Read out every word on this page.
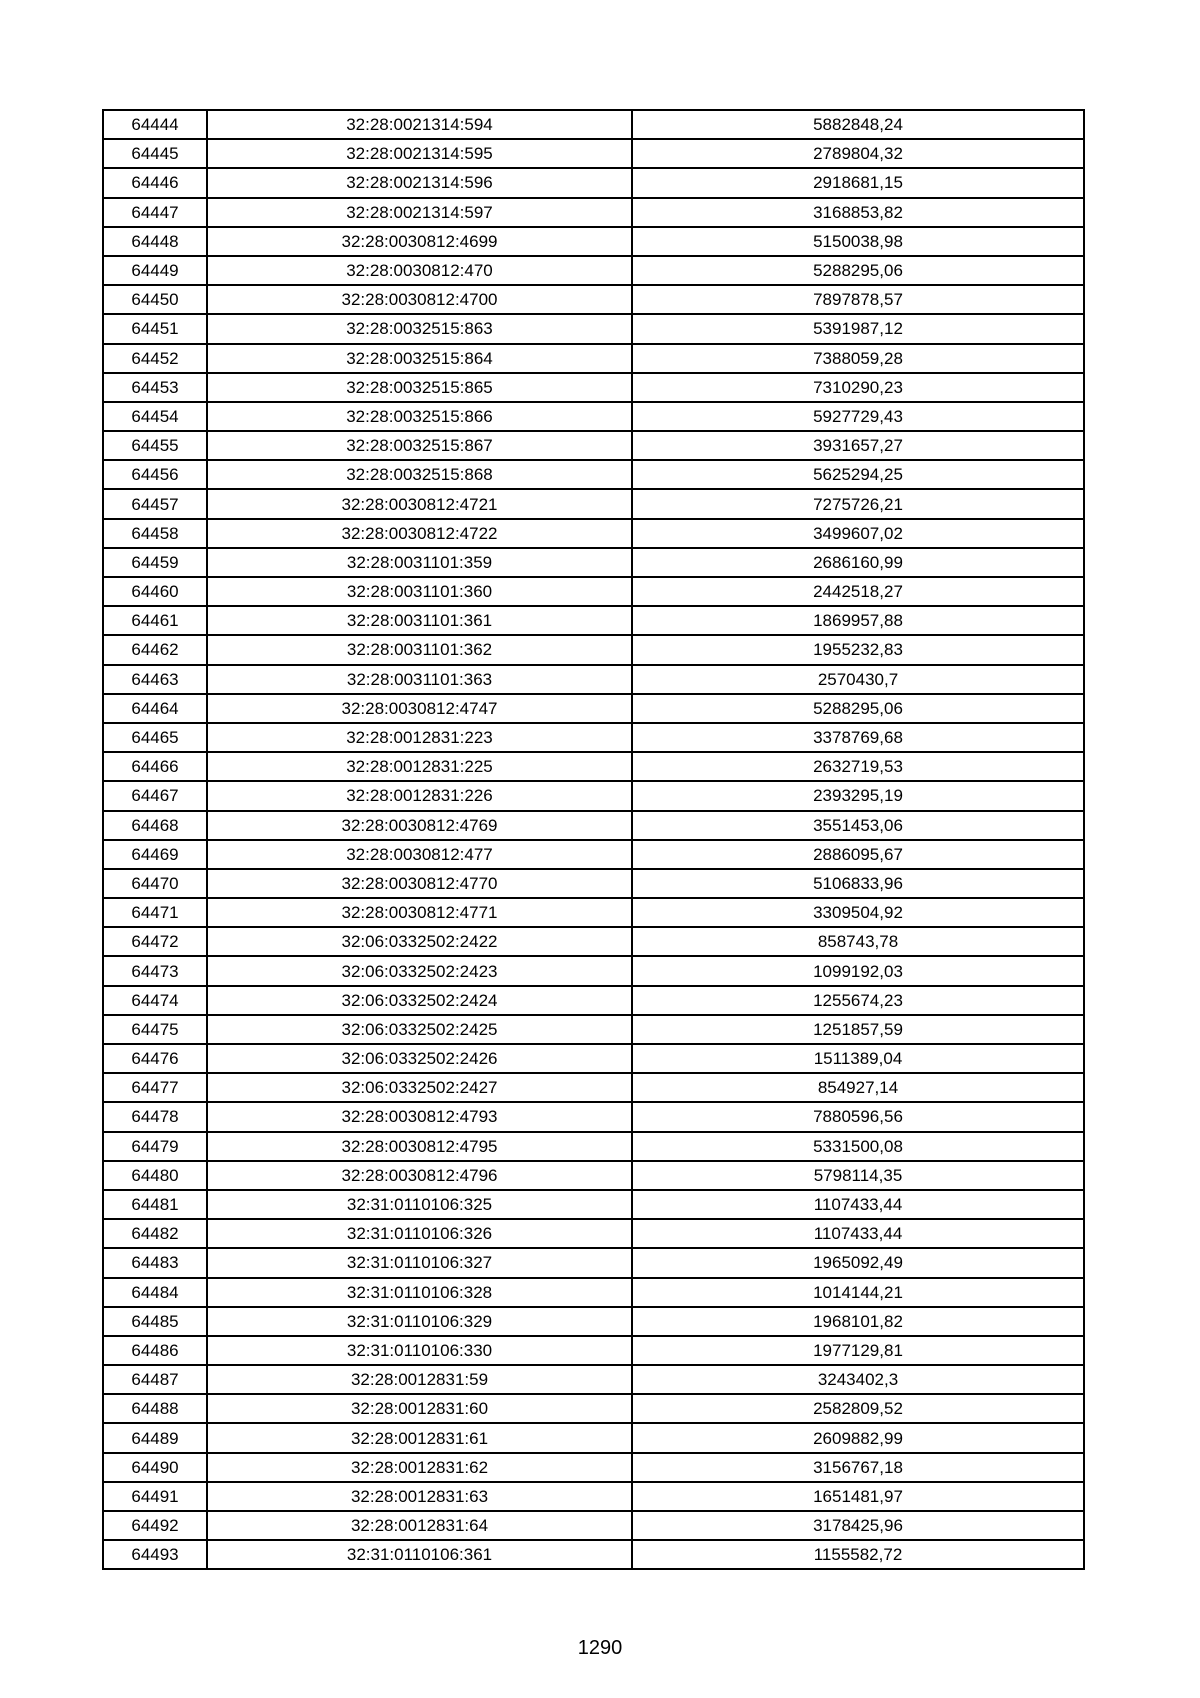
64444	32:28:0021314:594	5882848,24
64445	32:28:0021314:595	2789804,32
64446	32:28:0021314:596	2918681,15
64447	32:28:0021314:597	3168853,82
64448	32:28:0030812:4699	5150038,98
64449	32:28:0030812:470	5288295,06
64450	32:28:0030812:4700	7897878,57
64451	32:28:0032515:863	5391987,12
64452	32:28:0032515:864	7388059,28
64453	32:28:0032515:865	7310290,23
64454	32:28:0032515:866	5927729,43
64455	32:28:0032515:867	3931657,27
64456	32:28:0032515:868	5625294,25
64457	32:28:0030812:4721	7275726,21
64458	32:28:0030812:4722	3499607,02
64459	32:28:0031101:359	2686160,99
64460	32:28:0031101:360	2442518,27
64461	32:28:0031101:361	1869957,88
64462	32:28:0031101:362	1955232,83
64463	32:28:0031101:363	2570430,7
64464	32:28:0030812:4747	5288295,06
64465	32:28:0012831:223	3378769,68
64466	32:28:0012831:225	2632719,53
64467	32:28:0012831:226	2393295,19
64468	32:28:0030812:4769	3551453,06
64469	32:28:0030812:477	2886095,67
64470	32:28:0030812:4770	5106833,96
64471	32:28:0030812:4771	3309504,92
64472	32:06:0332502:2422	858743,78
64473	32:06:0332502:2423	1099192,03
64474	32:06:0332502:2424	1255674,23
64475	32:06:0332502:2425	1251857,59
64476	32:06:0332502:2426	1511389,04
64477	32:06:0332502:2427	854927,14
64478	32:28:0030812:4793	7880596,56
64479	32:28:0030812:4795	5331500,08
64480	32:28:0030812:4796	5798114,35
64481	32:31:0110106:325	1107433,44
64482	32:31:0110106:326	1107433,44
64483	32:31:0110106:327	1965092,49
64484	32:31:0110106:328	1014144,21
64485	32:31:0110106:329	1968101,82
64486	32:31:0110106:330	1977129,81
64487	32:28:0012831:59	3243402,3
64488	32:28:0012831:60	2582809,52
64489	32:28:0012831:61	2609882,99
64490	32:28:0012831:62	3156767,18
64491	32:28:0012831:63	1651481,97
64492	32:28:0012831:64	3178425,96
64493	32:31:0110106:361	1155582,72
1290
